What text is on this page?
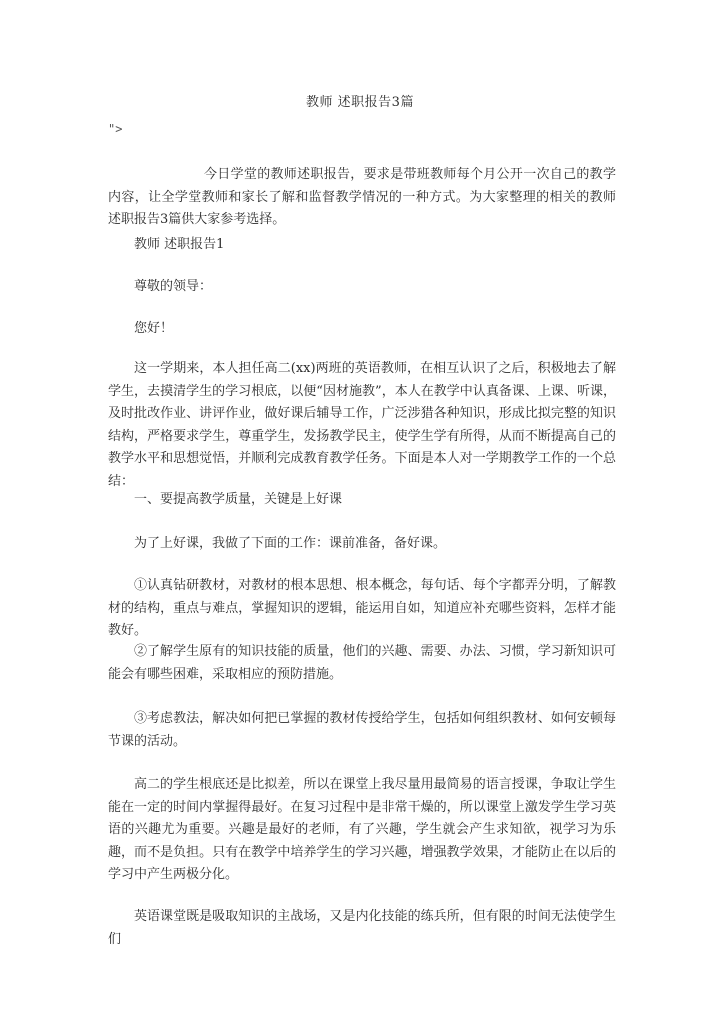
教师 述职报告3篇
">

今日学堂的教师述职报告，要求是带班教师每个月公开一次自己的教学内容，让全学堂教师和家长了解和监督教学情况的一种方式。为大家整理的相关的教师 述职报告3篇供大家参考选择。

教师 述职报告1
尊敬的领导：
您好！

这一学期来，本人担任高二(xx)两班的英语教师，在相互认识了之后，积极地去了解学生，去摸清学生的学习根底，以便“因材施教”，本人在教学中认真备课、上课、听课，及时批改作业、讲评作业，做好课后辅导工作，广泛涉猎各种知识，形成比拟完整的知识结构，严格要求学生，尊重学生，发扬教学民主，使学生学有所得，从而不断提高自己的教学水平和思想觉悟，并顺利完成教育教学任务。下面是本人对一学期教学工作的一个总结：

一、要提高教学质量，关键是上好课
为了上好课，我做了下面的工作：课前准备，备好课。

①认真钻研教材，对教材的根本思想、根本概念，每句话、每个字都弄分明，了解教材的结构，重点与难点，掌握知识的逻辑，能运用自如，知道应补充哪些资料，怎样才能教好。

②了解学生原有的知识技能的质量，他们的兴趣、需要、办法、习惯，学习新知识可能会有哪些困难，采取相应的预防措施。

③考虑教法，解决如何把已掌握的教材传授给学生，包括如何组织教材、如何安顿每节课的活动。

高二的学生根底还是比拟差，所以在课堂上我尽量用最简易的语言授课，争取让学生能在一定的时间内掌握得最好。在复习过程中是非常干燥的，所以课堂上激发学生学习英语的兴趣尤为重要。兴趣是最好的老师，有了兴趣，学生就会产生求知欲，视学习为乐趣，而不是负担。只有在教学中培养学生的学习兴趣，增强教学效果，才能防止在以后的学习中产生两极分化。

英语课堂既是吸取知识的主战场，又是内化技能的练兵所，但有限的时间无法使学生们
